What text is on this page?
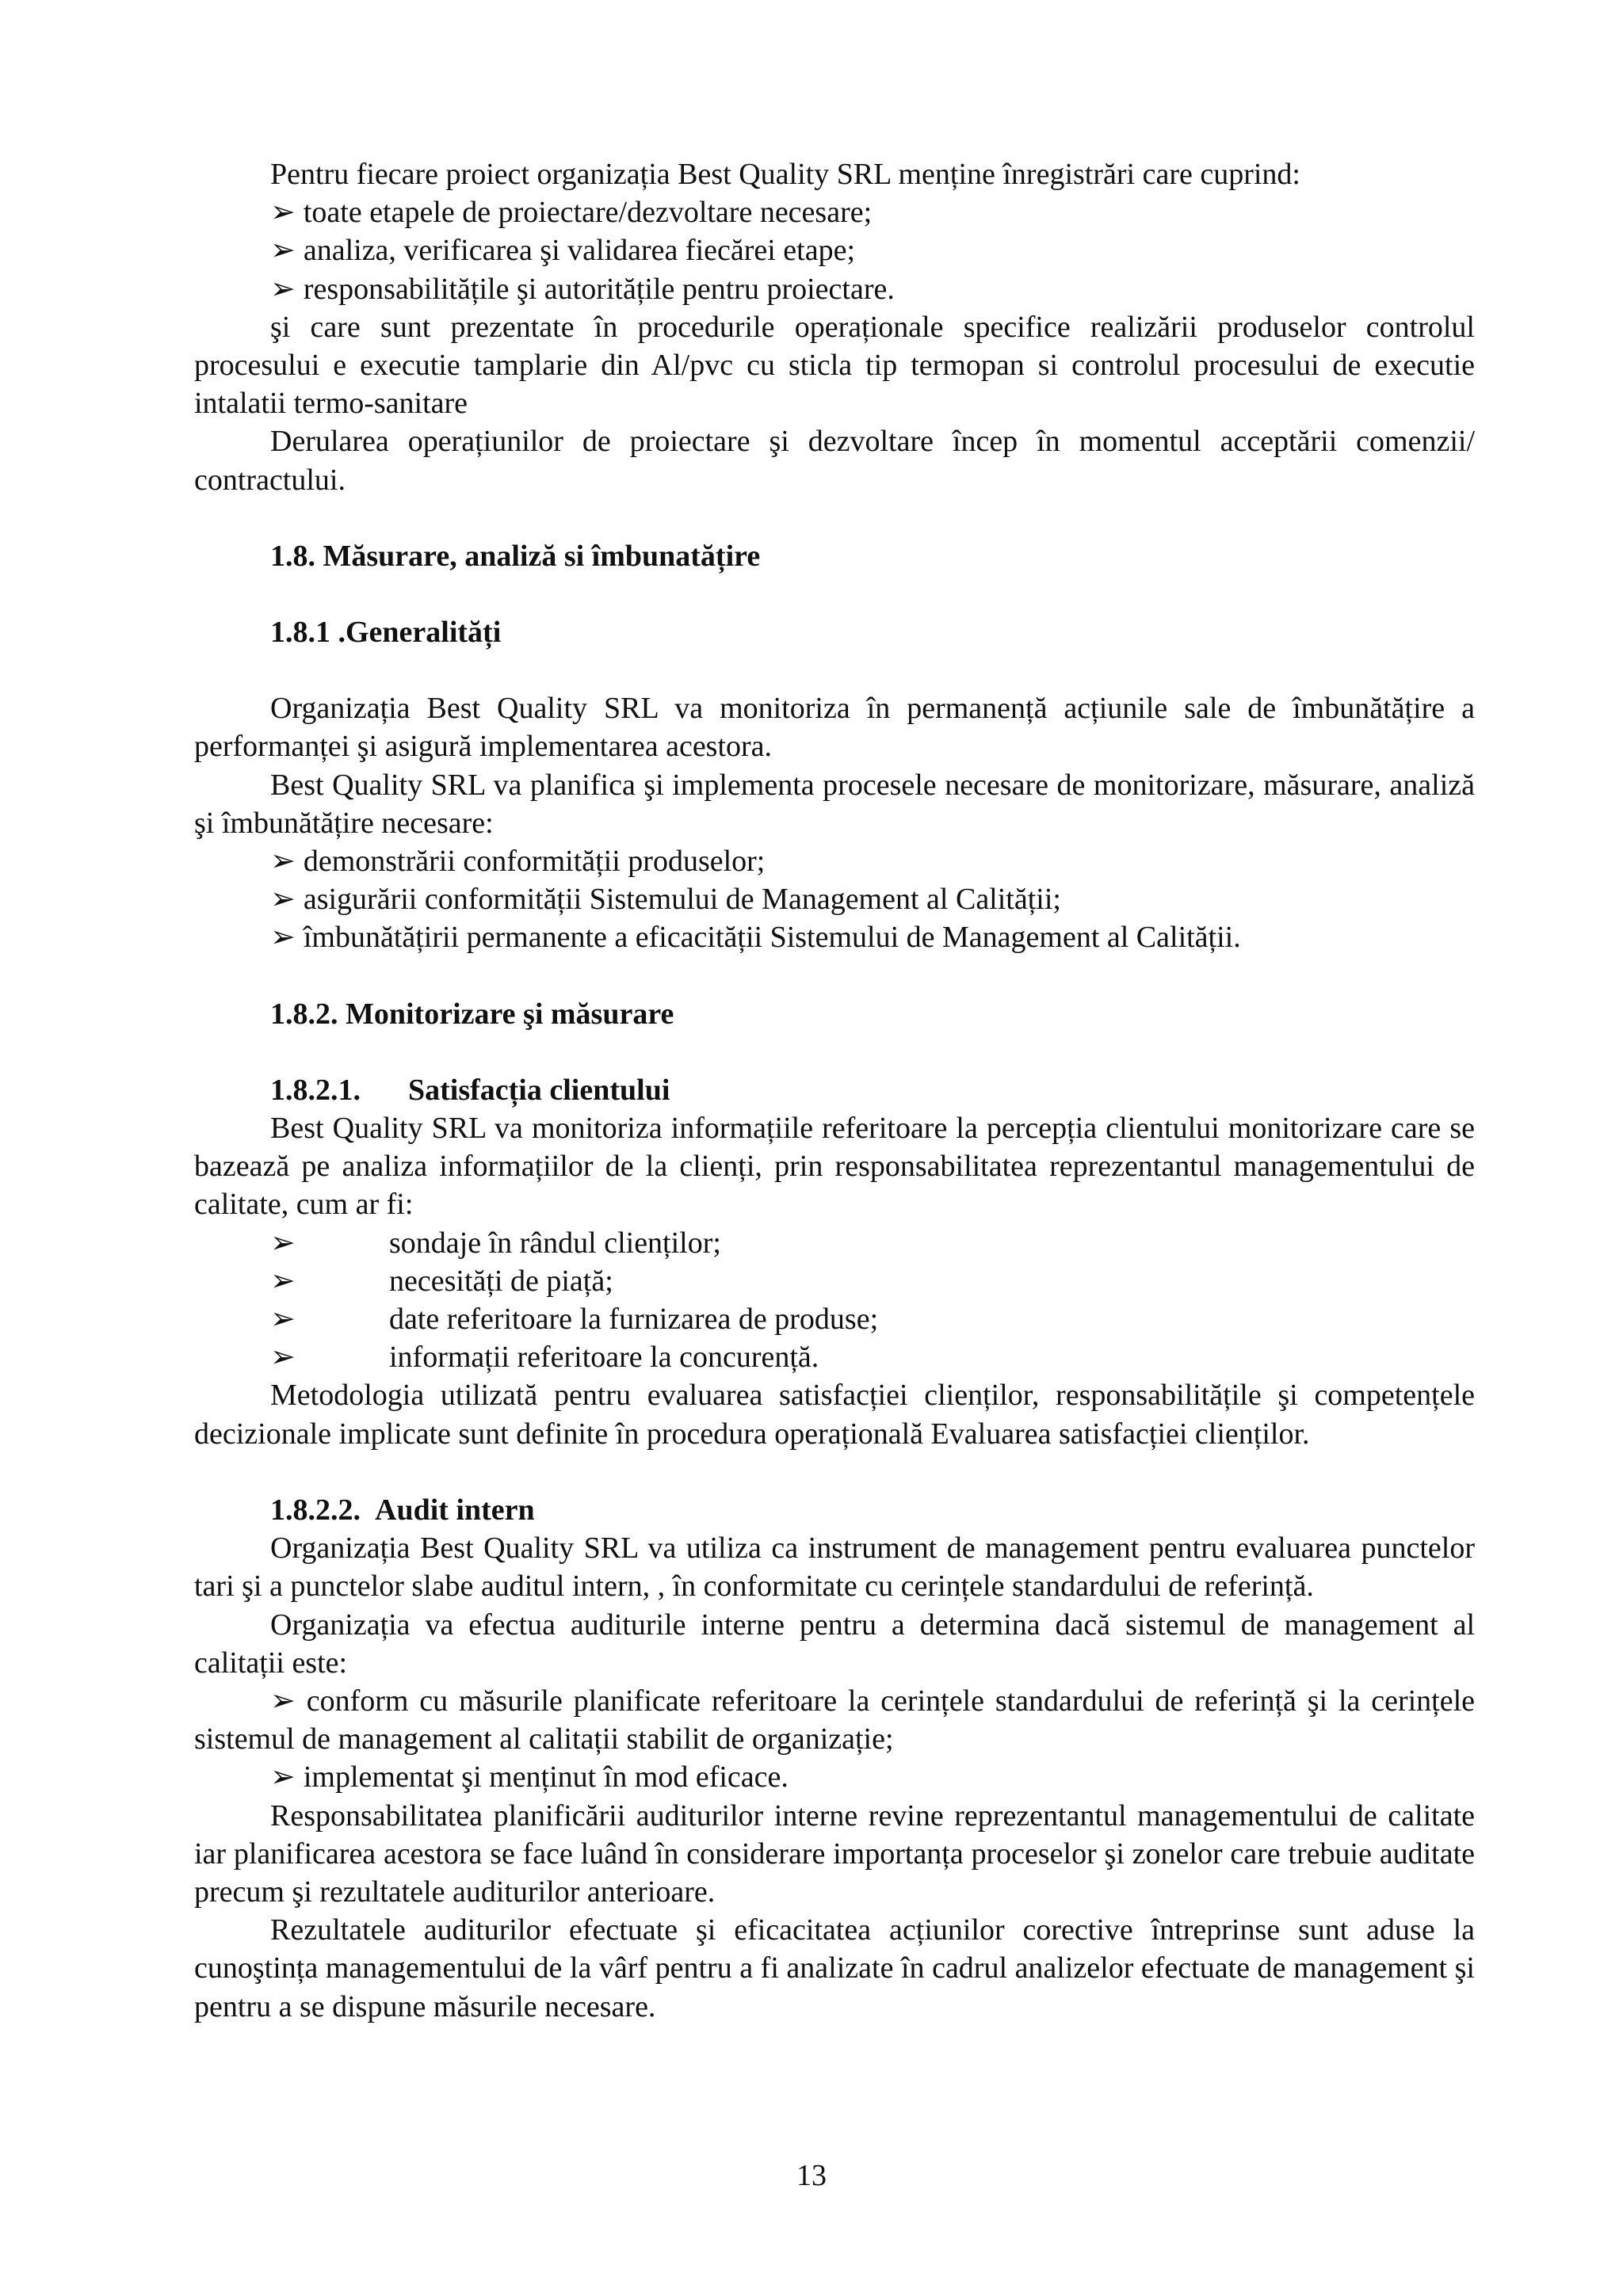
Pentru fiecare proiect organizația Best Quality SRL menține înregistrări care cuprind:

➢ toate etapele de proiectare/dezvoltare necesare;

➢ analiza, verificarea şi validarea fiecărei etape;

➢ responsabilitățile şi autoritățile pentru proiectare.

şi care sunt prezentate în procedurile operaționale specifice realizării produselor controlul procesului e executie tamplarie din Al/pvc cu sticla tip termopan si controlul procesului de executie intalatii termo-sanitare

Derularea operațiunilor de proiectare şi dezvoltare încep în momentul acceptării comenzii/ contractului.

1.8. Măsurare, analiză si îmbunatățire

1.8.1 .Generalități

Organizația Best Quality SRL va monitoriza în permanență acțiunile sale de îmbunătățire a performanței şi asigură implementarea acestora.

Best Quality SRL va planifica şi implementa procesele necesare de monitorizare, măsurare, analiză şi îmbunătățire necesare:

➢ demonstrării conformității produselor;

➢ asigurării conformității Sistemului de Management al Calității;

➢ îmbunătățirii permanente a eficacității Sistemului de Management al Calității.

1.8.2. Monitorizare şi măsurare

1.8.2.1. Satisfacția clientului

Best Quality SRL va monitoriza informațiile referitoare la percepția clientului monitorizare care se bazează pe analiza informațiilor de la clienți, prin responsabilitatea reprezentantul managementului de calitate, cum ar fi:

➢	sondaje în rândul clienților;

➢	necesități de piață;

➢	date referitoare la furnizarea de produse;

➢	informații referitoare la concurență.

Metodologia utilizată pentru evaluarea satisfacției clienților, responsabilitățile şi competențele decizionale implicate sunt definite în procedura operațională Evaluarea satisfacției clienților.

1.8.2.2. Audit intern

Organizația Best Quality SRL va utiliza ca instrument de management pentru evaluarea punctelor tari şi a punctelor slabe auditul intern, , în conformitate cu cerințele standardului de referință.

Organizația va efectua auditurile interne pentru a determina dacă sistemul de management al calitații este:

➢ conform cu măsurile planificate referitoare la cerințele standardului de referință şi la cerințele sistemul de management al calitații stabilit de organizație;

➢ implementat şi menținut în mod eficace.

Responsabilitatea planificării auditurilor interne revine reprezentantul managementului de calitate iar planificarea acestora se face luând în considerare importanța proceselor şi zonelor care trebuie auditate precum şi rezultatele auditurilor anterioare.

Rezultatele auditurilor efectuate şi eficacitatea acțiunilor corective întreprinse sunt aduse la cunoştința managementului de la vârf pentru a fi analizate în cadrul analizelor efectuate de management şi pentru a se dispune măsurile necesare.

13
